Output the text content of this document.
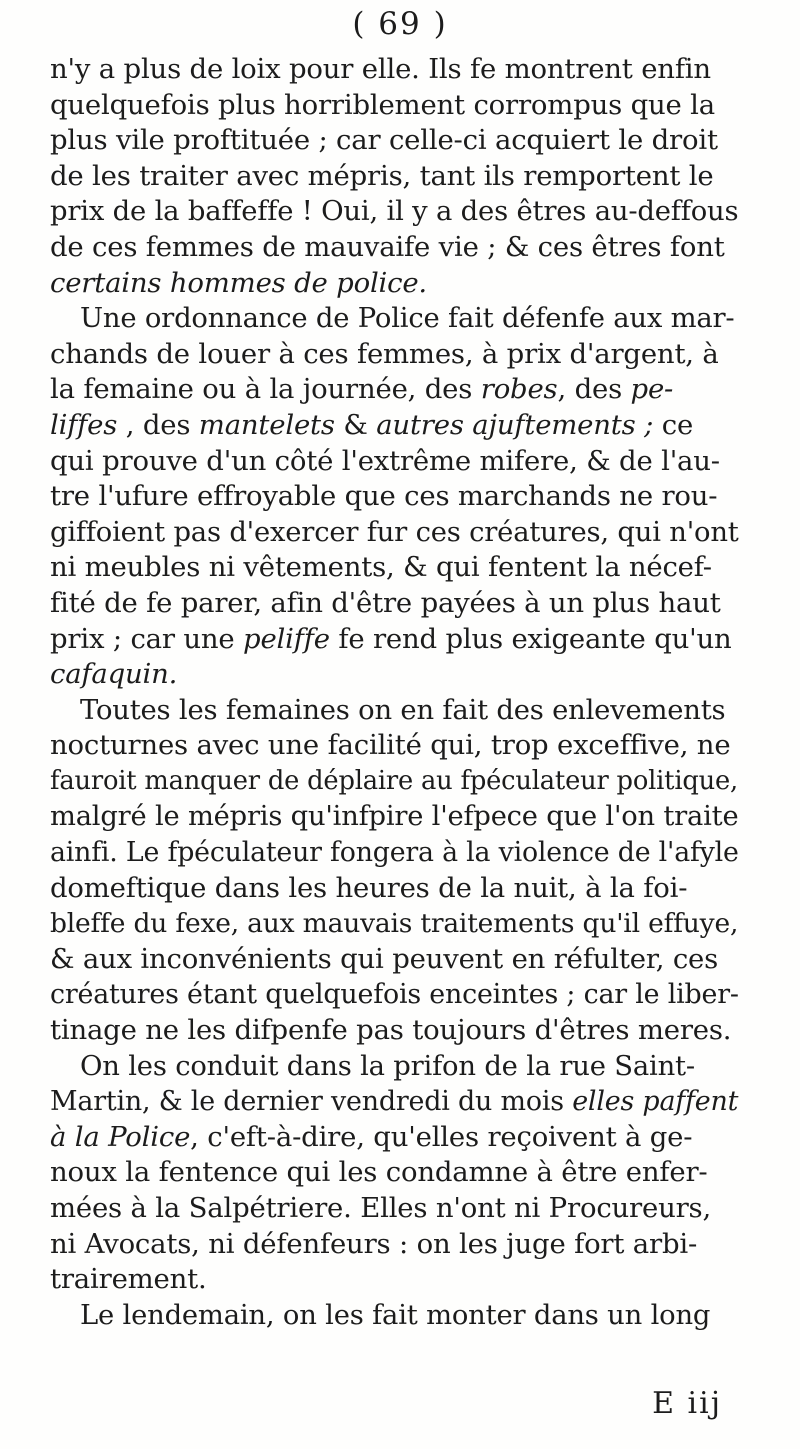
( 69 )
n'y a plus de loix pour elle. Ils fe montrent enfin
quelquefois plus horriblement corrompus que la
plus vile proftituée ; car celle-ci acquiert le droit
de les traiter avec mépris, tant ils remportent le
prix de la baffeffe ! Oui, il y a des êtres au-deffous
de ces femmes de mauvaife vie ; & ces êtres font
certains hommes de police.
Une ordonnance de Police fait défenfe aux mar-
chands de louer à ces femmes, à prix d'argent, à
la femaine ou à la journée, des robes, des pe-
liffes , des mantelets & autres ajuftements ; ce
qui prouve d'un côté l'extrême mifere, & de l'au-
tre l'ufure effroyable que ces marchands ne rou-
giffoient pas d'exercer fur ces créatures, qui n'ont
ni meubles ni vêtements, & qui fentent la nécef-
fité de fe parer, afin d'être payées à un plus haut
prix ; car une peliffe fe rend plus exigeante qu'un
cafaquin.
Toutes les femaines on en fait des enlevements
nocturnes avec une facilité qui, trop exceffive, ne
fauroit manquer de déplaire au fpéculateur politique,
malgré le mépris qu'infpire l'efpece que l'on traite
ainfi. Le fpéculateur fongera à la violence de l'afyle
domeftique dans les heures de la nuit, à la foi-
bleffe du fexe, aux mauvais traitements qu'il effuye,
& aux inconvénients qui peuvent en réfulter, ces
créatures étant quelquefois enceintes ; car le liber-
tinage ne les difpenfe pas toujours d'êtres meres.
On les conduit dans la prifon de la rue Saint-
Martin, & le dernier vendredi du mois elles paffent
à la Police, c'eft-à-dire, qu'elles reçoivent à ge-
noux la fentence qui les condamne à être enfer-
mées à la Salpétriere. Elles n'ont ni Procureurs,
ni Avocats, ni défenfeurs : on les juge fort arbi-
trairement.
Le lendemain, on les fait monter dans un long
E iij
